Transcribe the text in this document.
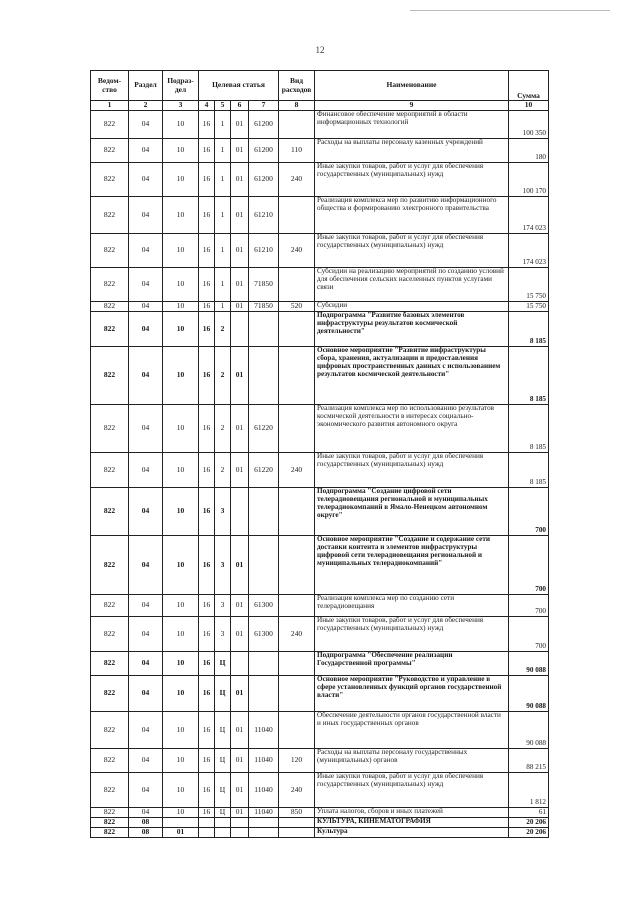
12
Ведом-ство	Раздел	Подраз-дел	Целевая статья				Вид расходов	Наименование	Сумма
1	2	3	4	5	6	7	8	9	10
822	04	10	16	1	01	61200		Финансовое обеспечение мероприятий в области информационных технологий	100 350
822	04	10	16	1	01	61200	110	Расходы на выплаты персоналу казенных учреждений	180
822	04	10	16	1	01	61200	240	Иные закупки товаров, работ и услуг для обеспечения государственных (муниципальных) нужд	100 170
822	04	10	16	1	01	61210		Реализация комплекса мер по развитию информационного общества и формированию электронного правительства	174 023
822	04	10	16	1	01	61210	240	Иные закупки товаров, работ и услуг для обеспечения государственных (муниципальных) нужд	174 023
822	04	10	16	1	01	71850		Субсидии на реализацию мероприятий по созданию условий для обеспечения сельских населенных пунктов услугами связи	15 750
822	04	10	16	1	01	71850	520	Субсидии	15 750
822	04	10	16	2				Подпрограмма "Развитие базовых элементов инфраструктуры результатов космической деятельности"	8 185
822	04	10	16	2	01			Основное мероприятие "Развитие инфраструктуры сбора, хранения, актуализации и предоставления цифровых пространственных данных с использованием результатов космической деятельности"	8 185
822	04	10	16	2	01	61220		Реализация комплекса мер по использованию результатов космической деятельности в интересах социально-экономического развития автономного округа	8 185
822	04	10	16	2	01	61220	240	Иные закупки товаров, работ и услуг для обеспечения государственных (муниципальных) нужд	8 185
822	04	10	16	3				Подпрограмма "Создание цифровой сети телерадиовещания региональной и муниципальных телерадиокомпаний в Ямало-Ненецком автономном округе"	700
822	04	10	16	3	01			Основное мероприятие "Создание и содержание сети доставки контента и элементов инфраструктуры цифровой сети телерадиовещания региональной и муниципальных телерадиокомпаний"	700
822	04	10	16	3	01	61300		Реализация комплекса мер по созданию сети телерадиовещания	700
822	04	10	16	3	01	61300	240	Иные закупки товаров, работ и услуг для обеспечения государственных (муниципальных) нужд	700
822	04	10	16	Ц				Подпрограмма "Обеспечение реализации Государственной программы"	90 088
822	04	10	16	Ц	01			Основное мероприятие "Руководство и управление в сфере установленных функций органов государственной власти"	90 088
822	04	10	16	Ц	01	11040		Обеспечение деятельности органов государственной власти и иных государственных органов	90 088
822	04	10	16	Ц	01	11040	120	Расходы на выплаты персоналу государственных (муниципальных) органов	88 215
822	04	10	16	Ц	01	11040	240	Иные закупки товаров, работ и услуг для обеспечения государственных (муниципальных) нужд	1 812
822	04	10	16	Ц	01	11040	850	Уплата налогов, сборов и иных платежей	61
822	08							КУЛЬТУРА, КИНЕМАТОГРАФИЯ	20 206
822	08	01						Культура	20 206
